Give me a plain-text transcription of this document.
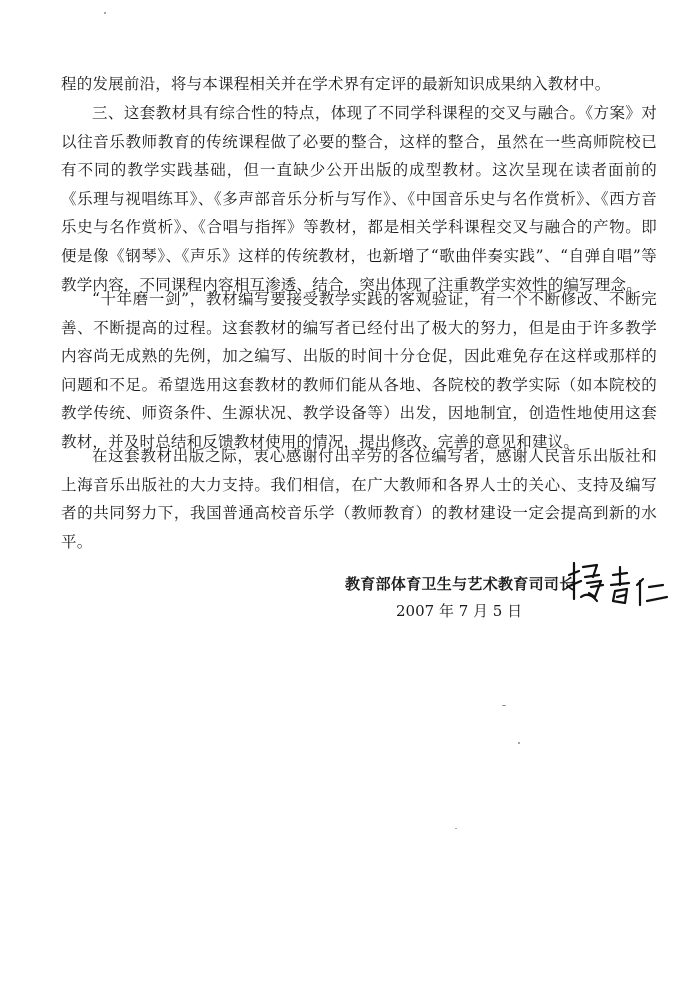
程的发展前沿，将与本课程相关并在学术界有定评的最新知识成果纳入教材中。

三、这套教材具有综合性的特点，体现了不同学科课程的交叉与融合。《方案》对以往音乐教师教育的传统课程做了必要的整合，这样的整合，虽然在一些高师院校已有不同的教学实践基础，但一直缺少公开出版的成型教材。这次呈现在读者面前的《乐理与视唱练耳》、《多声部音乐分析与写作》、《中国音乐史与名作赏析》、《西方音乐史与名作赏析》、《合唱与指挥》等教材，都是相关学科课程交叉与融合的产物。即便是像《钢琴》、《声乐》这样的传统教材，也新增了“歌曲伴奏实践”、“自弹自唱”等教学内容，不同课程内容相互渗透、结合，突出体现了注重教学实效性的编写理念。

“十年磨一剑”，教材编写要接受教学实践的客观验证，有一个不断修改、不断完善、不断提高的过程。这套教材的编写者已经付出了极大的努力，但是由于许多教学内容尚无成熟的先例，加之编写、出版的时间十分仓促，因此难免存在这样或那样的问题和不足。希望选用这套教材的教师们能从各地、各院校的教学实际（如本院校的教学传统、师资条件、生源状况、教学设备等）出发，因地制宜，创造性地使用这套教材，并及时总结和反馈教材使用的情况，提出修改、完善的意见和建议。

在这套教材出版之际，衷心感谢付出辛劳的各位编写者，感谢人民音乐出版社和上海音乐出版社的大力支持。我们相信，在广大教师和各界人士的关心、支持及编写者的共同努力下，我国普通高校音乐学（教师教育）的教材建设一定会提高到新的水平。

教育部体育卫生与艺术教育司司长
2007 年 7 月 5 日
